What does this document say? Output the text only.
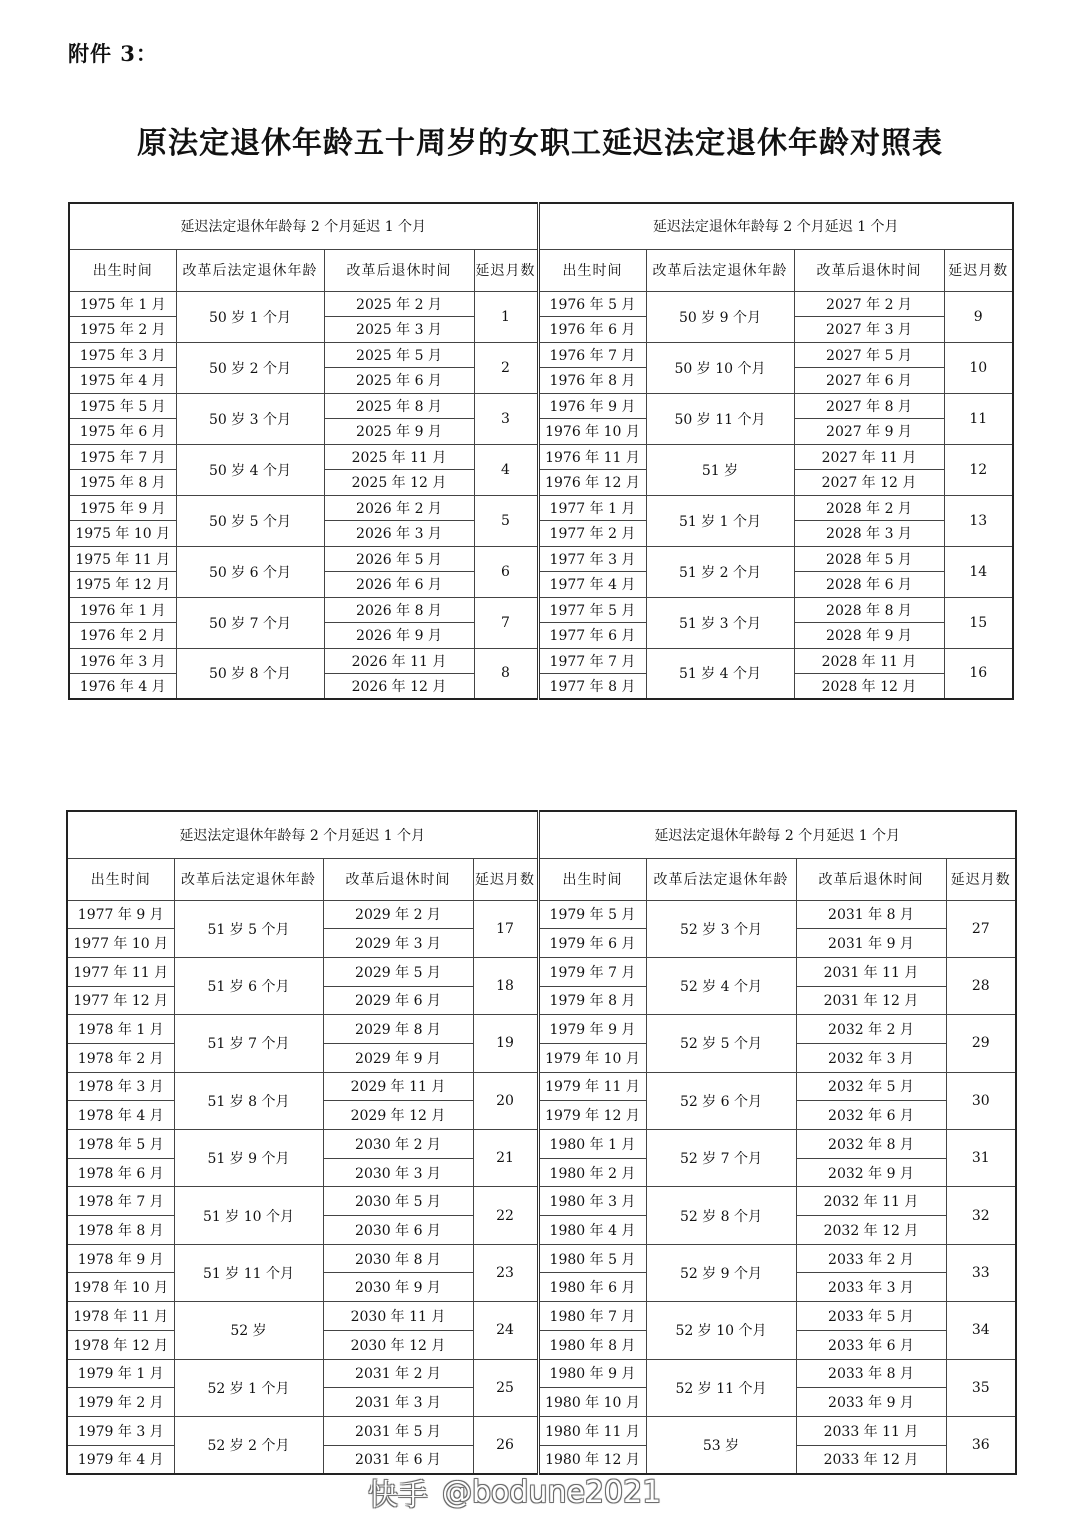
附件 3：
原法定退休年龄五十周岁的女职工延迟法定退休年龄对照表
延迟法定退休年龄每 2 个月延迟 1 个月				延迟法定退休年龄每 2 个月延迟 1 个月			
出生时间	改革后法定退休年龄	改革后退休时间	延迟月数	出生时间	改革后法定退休年龄	改革后退休时间	延迟月数
1975 年 1 月	50 岁 1 个月	2025 年 2 月	1	1976 年 5 月	50 岁 9 个月	2027 年 2 月	9
1975 年 2 月		2025 年 3 月		1976 年 6 月		2027 年 3 月	
1975 年 3 月	50 岁 2 个月	2025 年 5 月	2	1976 年 7 月	50 岁 10 个月	2027 年 5 月	10
1975 年 4 月		2025 年 6 月		1976 年 8 月		2027 年 6 月	
1975 年 5 月	50 岁 3 个月	2025 年 8 月	3	1976 年 9 月	50 岁 11 个月	2027 年 8 月	11
1975 年 6 月		2025 年 9 月		1976 年 10 月		2027 年 9 月	
1975 年 7 月	50 岁 4 个月	2025 年 11 月	4	1976 年 11 月	51 岁	2027 年 11 月	12
1975 年 8 月		2025 年 12 月		1976 年 12 月		2027 年 12 月	
1975 年 9 月	50 岁 5 个月	2026 年 2 月	5	1977 年 1 月	51 岁 1 个月	2028 年 2 月	13
1975 年 10 月		2026 年 3 月		1977 年 2 月		2028 年 3 月	
1975 年 11 月	50 岁 6 个月	2026 年 5 月	6	1977 年 3 月	51 岁 2 个月	2028 年 5 月	14
1975 年 12 月		2026 年 6 月		1977 年 4 月		2028 年 6 月	
1976 年 1 月	50 岁 7 个月	2026 年 8 月	7	1977 年 5 月	51 岁 3 个月	2028 年 8 月	15
1976 年 2 月		2026 年 9 月		1977 年 6 月		2028 年 9 月	
1976 年 3 月	50 岁 8 个月	2026 年 11 月	8	1977 年 7 月	51 岁 4 个月	2028 年 11 月	16
1976 年 4 月		2026 年 12 月		1977 年 8 月		2028 年 12 月	
延迟法定退休年龄每 2 个月延迟 1 个月				延迟法定退休年龄每 2 个月延迟 1 个月			
出生时间	改革后法定退休年龄	改革后退休时间	延迟月数	出生时间	改革后法定退休年龄	改革后退休时间	延迟月数
1977 年 9 月	51 岁 5 个月	2029 年 2 月	17	1979 年 5 月	52 岁 3 个月	2031 年 8 月	27
1977 年 10 月		2029 年 3 月		1979 年 6 月		2031 年 9 月	
1977 年 11 月	51 岁 6 个月	2029 年 5 月	18	1979 年 7 月	52 岁 4 个月	2031 年 11 月	28
1977 年 12 月		2029 年 6 月		1979 年 8 月		2031 年 12 月	
1978 年 1 月	51 岁 7 个月	2029 年 8 月	19	1979 年 9 月	52 岁 5 个月	2032 年 2 月	29
1978 年 2 月		2029 年 9 月		1979 年 10 月		2032 年 3 月	
1978 年 3 月	51 岁 8 个月	2029 年 11 月	20	1979 年 11 月	52 岁 6 个月	2032 年 5 月	30
1978 年 4 月		2029 年 12 月		1979 年 12 月		2032 年 6 月	
1978 年 5 月	51 岁 9 个月	2030 年 2 月	21	1980 年 1 月	52 岁 7 个月	2032 年 8 月	31
1978 年 6 月		2030 年 3 月		1980 年 2 月		2032 年 9 月	
1978 年 7 月	51 岁 10 个月	2030 年 5 月	22	1980 年 3 月	52 岁 8 个月	2032 年 11 月	32
1978 年 8 月		2030 年 6 月		1980 年 4 月		2032 年 12 月	
1978 年 9 月	51 岁 11 个月	2030 年 8 月	23	1980 年 5 月	52 岁 9 个月	2033 年 2 月	33
1978 年 10 月		2030 年 9 月		1980 年 6 月		2033 年 3 月	
1978 年 11 月	52 岁	2030 年 11 月	24	1980 年 7 月	52 岁 10 个月	2033 年 5 月	34
1978 年 12 月		2030 年 12 月		1980 年 8 月		2033 年 6 月	
1979 年 1 月	52 岁 1 个月	2031 年 2 月	25	1980 年 9 月	52 岁 11 个月	2033 年 8 月	35
1979 年 2 月		2031 年 3 月		1980 年 10 月		2033 年 9 月	
1979 年 3 月	52 岁 2 个月	2031 年 5 月	26	1980 年 11 月	53 岁	2033 年 11 月	36
1979 年 4 月		2031 年 6 月		1980 年 12 月		2033 年 12 月	
快手 @bodune2021
